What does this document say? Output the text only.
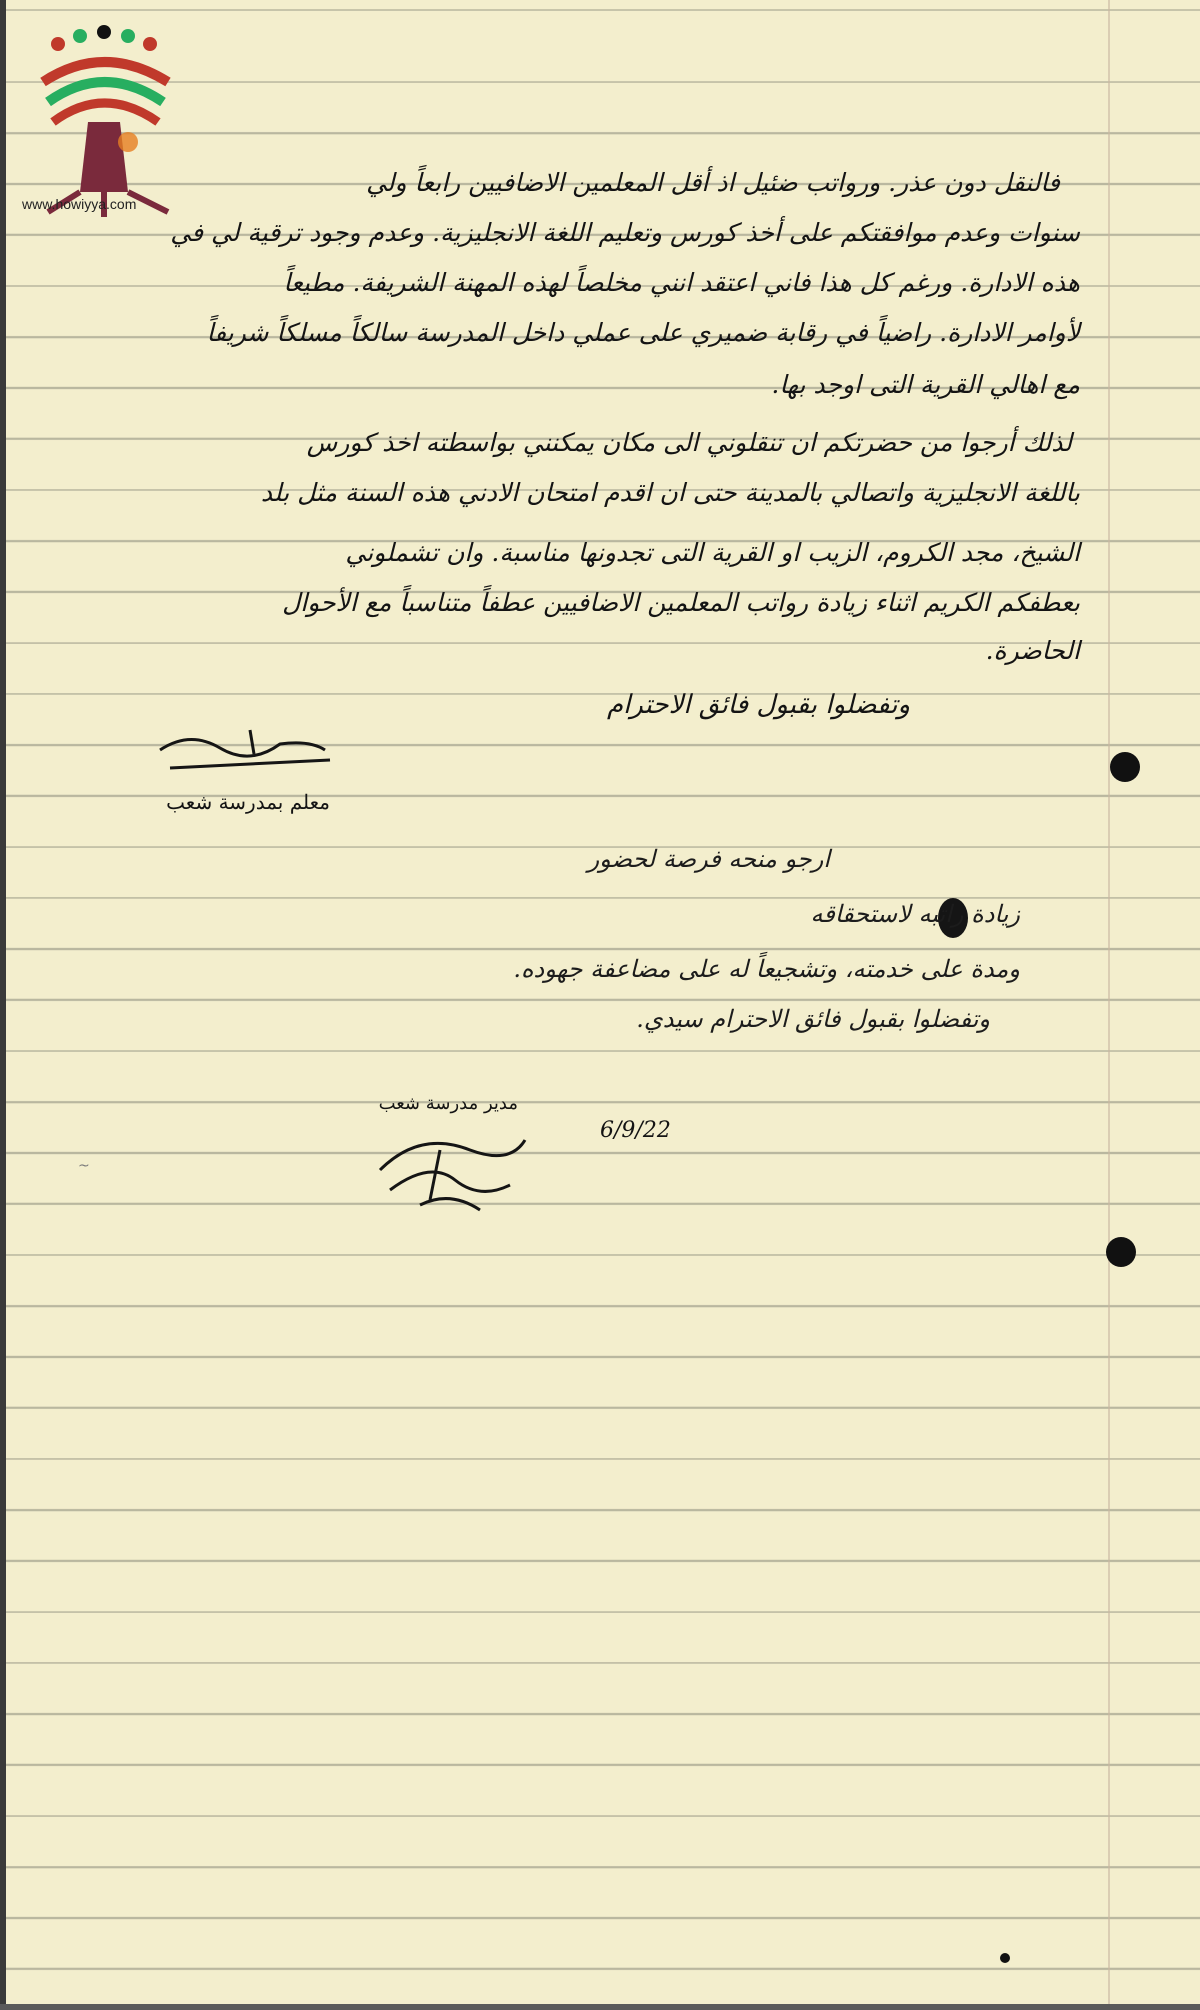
www.howiyya.com
فالنقل دون عذر. ورواتب ضئيل اذ أقل المعلمين الاضافيين رابعاً ولي
سنوات وعدم موافقتكم على أخذ كورس وتعليم اللغة الانجليزية. وعدم وجود ترقية لي في
هذه الادارة. ورغم كل هذا فاني اعتقد انني مخلصاً لهذه المهنة الشريفة. مطيعاً
لأوامر الادارة. راضياً في رقابة ضميري على عملي داخل المدرسة سالكاً مسلكاً شريفاً
مع اهالي القرية التى اوجد بها.
لذلك أرجوا من حضرتكم ان تنقلوني الى مكان يمكنني بواسطته اخذ كورس
باللغة الانجليزية واتصالي بالمدينة حتى ان اقدم امتحان الادني هذه السنة مثل بلد
الشيخ، مجد الكروم، الزيب او القرية التى تجدونها مناسبة. وان تشملوني
بعطفكم الكريم اثناء زيادة رواتب المعلمين الاضافيين عطفاً متناسباً مع الأحوال
الحاضرة.
وتفضلوا بقبول فائق الاحترام
معلم بمدرسة شعب
ارجو منحه فرصة لحضور
زيادة راتبه لاستحقاقه
ومدة على خدمته، وتشجيعاً له على مضاعفة جهوده.
وتفضلوا بقبول فائق الاحترام سيدي.
مدير مدرسة شعب
6/9/22
~
